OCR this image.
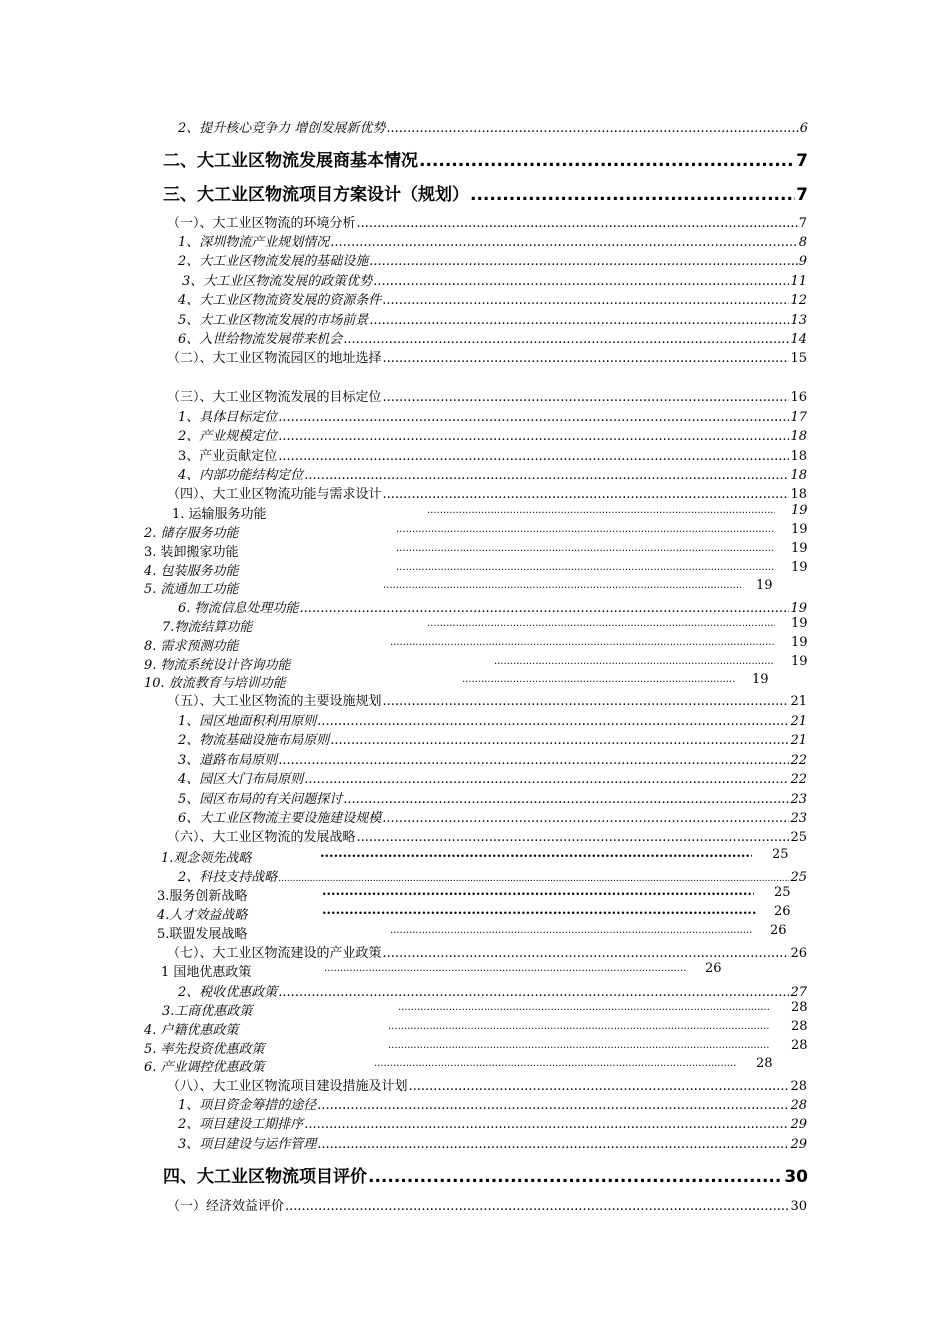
2、提升核心竞争力 增创发展新优势 .....	6
二、大工业区物流发展商基本情况 .....	7
三、大工业区物流项目方案设计（规划） .....	7
（一）、大工业区物流的环境分析 .....	7
1、深圳物流产业规划情况 .....	8
2、大工业区物流发展的基础设施 .....	9
3、大工业区物流发展的政策优势 .....	11
4、大工业区物流资发展的资源条件 .....	12
5、大工业区物流发展的市场前景 .....	13
6、入世给物流发展带来机会 .....	14
（二）、大工业区物流园区的地址选择 .....	15
（三）、大工业区物流发展的目标定位 .....	16
1、具体目标定位 .....	17
2、产业规模定位 .....	18
3、产业贡献定位 .....	18
4、内部功能结构定位 .....	18
（四）、大工业区物流功能与需求设计 .....	18
1. 运输服务功能 .....	19
2. 储存服务功能 .....	19
3. 装卸搬家功能 .....	19
4. 包装服务功能 .....	19
5. 流通加工功能 .....	19
6. 物流信息处理功能 .....	19
7.物流结算功能 .....	19
8. 需求预测功能 .....	19
9. 物流系统设计咨询功能 .....	19
10. 放流教育与培训功能 .....	19
（五）、大工业区物流的主要设施规划 .....	21
1、园区地面积利用原则 .....	21
2、物流基础设施布局原则 .....	21
3、道路布局原则 .....	22
4、园区大门布局原则 .....	22
5、园区布局的有关问题探讨 .....	23
6、大工业区物流主要设施建设规模 .....	23
（六）、大工业区物流的发展战略 .....	25
1.观念领先战略 .....	25
2、科技支持战略 .....	25
3.服务创新战略 .....	25
4.人才效益战略 .....	26
5.联盟发展战略 .....	26
（七）、大工业区物流建设的产业政策 .....	26
1 国地优惠政策 .....	26
2、税收优惠政策 .....	27
3.工商优惠政策 .....	28
4. 户籍优惠政策 .....	28
5. 率先投资优惠政策 .....	28
6. 产业调控优惠政策 .....	28
（八）、大工业区物流项目建设措施及计划 .....	28
1、项目资金筹措的途径 .....	28
2、项目建设工期排序 .....	29
3、项目建设与运作管理 .....	29
四、大工业区物流项目评价 .....	30
（一）经济效益评价 .....	30
